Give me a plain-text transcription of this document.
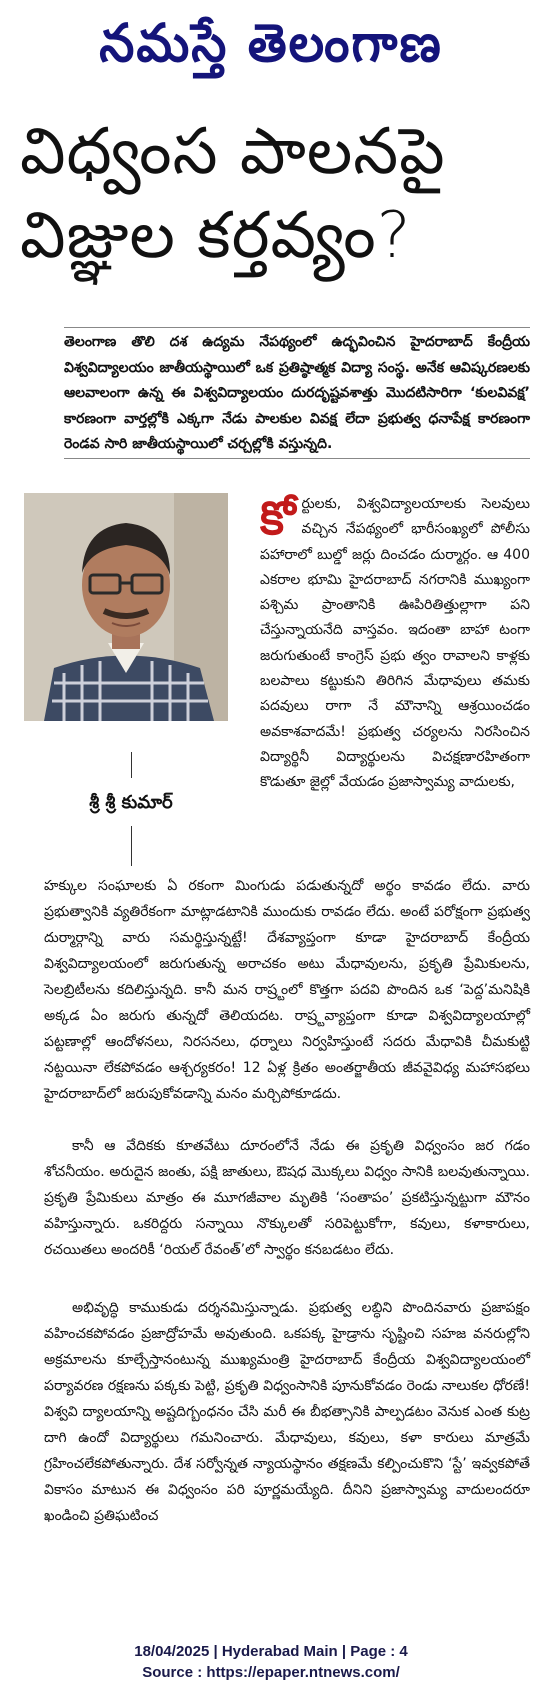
నమస్తే తెలంగాణ
విధ్వంస పాలనపై
విజ్ఞుల కర్తవ్యం?
తెలంగాణ తొలి దశ ఉద్యమ నేపథ్యంలో ఉద్భవించిన హైదరాబాద్ కేంద్రీయ విశ్వవిద్యాలయం జాతీయస్థాయిలో ఒక ప్రతిష్ఠాత్మక విద్యా సంస్థ. అనేక ఆవిష్కరణలకు ఆలవాలంగా ఉన్న ఈ విశ్వవిద్యాలయం దురదృష్టవశాత్తు మొదటిసారిగా ‘కులవివక్ష’ కారణంగా వార్తల్లోకి ఎక్కగా నేడు పాలకుల వివక్ష లేదా ప్రభుత్వ ధనాపేక్ష కారణంగా రెండవ సారి జాతీయస్థాయిలో చర్చల్లోకి వస్తున్నది.
శ్రీ శ్రీ కుమార్
కోర్టులకు, విశ్వవిద్యాలయాలకు సెలవులు వచ్చిన నేపథ్యంలో భారీసంఖ్యలో పోలీసు పహారాలో బుల్డో జర్లు దించడం దుర్మార్గం. ఆ 400 ఎకరాల భూమి హైదరాబాద్ నగరానికి ముఖ్యంగా పశ్చిమ ప్రాంతానికి ఊపిరితిత్తుల్లాగా పని చేస్తున్నాయనేది వాస్తవం. ఇదంతా బాహా టంగా జరుగుతుంటే కాంగ్రెస్ ప్రభు త్వం రావాలని కాళ్లకు బలపాలు కట్టుకుని తిరిగిన మేధావులు తమకు పదవులు రాగా నే మౌనాన్ని ఆశ్రయించడం అవకాశవాదమే! ప్రభుత్వ చర్యలను నిరసించిన విద్యార్థినీ విద్యార్థులను విచక్షణారహితంగా కొడుతూ జైల్లో వేయడం ప్రజాస్వామ్య వాదులకు,
హక్కుల సంఘాలకు ఏ రకంగా మింగుడు పడుతున్నదో అర్థం కావడం లేదు. వారు ప్రభుత్వానికి వ్యతిరేకంగా మాట్లాడటానికి ముందుకు రావడం లేదు. అంటే పరోక్షంగా ప్రభుత్వ దుర్మార్గాన్ని వారు సమర్థిస్తున్నట్టే! దేశవ్యాప్తంగా కూడా హైదరాబాద్ కేంద్రీయ విశ్వవిద్యాలయంలో జరుగుతున్న అరాచకం అటు మేధావులను, ప్రకృతి ప్రేమికులను, సెలబ్రిటీలను కదిలిస్తున్నది. కానీ మన రాష్ర్టంలో కొత్తగా పదవి పొందిన ఒక ‘పెద్ద’మనిషికి అక్కడ ఏం జరుగు తున్నదో తెలియదట. రాష్ర్టవ్యాప్తంగా కూడా విశ్వవిద్యాలయాల్లో పట్టణాల్లో ఆందోళనలు, నిరసనలు, ధర్నాలు నిర్వహిస్తుంటే సదరు మేధావికి చీమకుట్టి నట్టయినా లేకపోవడం ఆశ్చర్యకరం! 12 ఏళ్ల క్రితం అంతర్జాతీయ జీవవైవిధ్య మహాసభలు హైదరాబాద్‌లో జరుపుకోవడాన్ని మనం మర్చిపోకూడదు.
కానీ ఆ వేదికకు కూతవేటు దూరంలోనే నేడు ఈ ప్రకృతి విధ్వంసం జర గడం శోచనీయం. అరుదైన జంతు, పక్షి జాతులు, ఔషధ మొక్కలు విధ్వం సానికి బలవుతున్నాయి. ప్రకృతి ప్రేమికులు మాత్రం ఈ మూగజీవాల మృతికి ‘సంతాపం’ ప్రకటిస్తున్నట్టుగా మౌనం వహిస్తున్నారు. ఒకరిద్దరు సన్నాయి నొక్కులతో సరిపెట్టుకోగా, కవులు, కళాకారులు, రచయితలు అందరికీ ‘రియల్ రేవంత్’లో స్వార్థం కనబడటం లేదు.
అభివృద్ధి కాముకుడు దర్శనమిస్తున్నాడు. ప్రభుత్వ లబ్ధిని పొందినవారు ప్రజాపక్షం వహించకపోవడం ప్రజాద్రోహమే అవుతుంది. ఒకపక్క హైడ్రాను సృష్టించి సహజ వనరుల్లోని అక్రమాలను కూల్చేస్తానంటున్న ముఖ్యమంత్రి హైదరాబాద్ కేంద్రీయ విశ్వవిద్యాలయంలో పర్యావరణ రక్షణను పక్కకు పెట్టి, ప్రకృతి విధ్వంసానికి పూనుకోవడం రెండు నాలుకల ధోరణే! విశ్వవి ద్యాలయాన్ని అష్టదిగ్బంధనం చేసి మరీ ఈ బీభత్సానికి పాల్పడటం వెనుక ఎంత కుట్ర దాగి ఉందో విద్యార్థులు గమనించారు. మేధావులు, కవులు, కళా కారులు మాత్రమే గ్రహించలేకపోతున్నారు. దేశ సర్వోన్నత న్యాయస్థానం తక్షణమే కల్పించుకొని ‘స్టే’ ఇవ్వకపోతే వికాసం మాటున ఈ విధ్వంసం పరి పూర్ణమయ్యేది. దీనిని ప్రజాస్వామ్య వాదులందరూ ఖండించి ప్రతిఘటించ
18/04/2025 | Hyderabad Main | Page : 4
Source : https://epaper.ntnews.com/
